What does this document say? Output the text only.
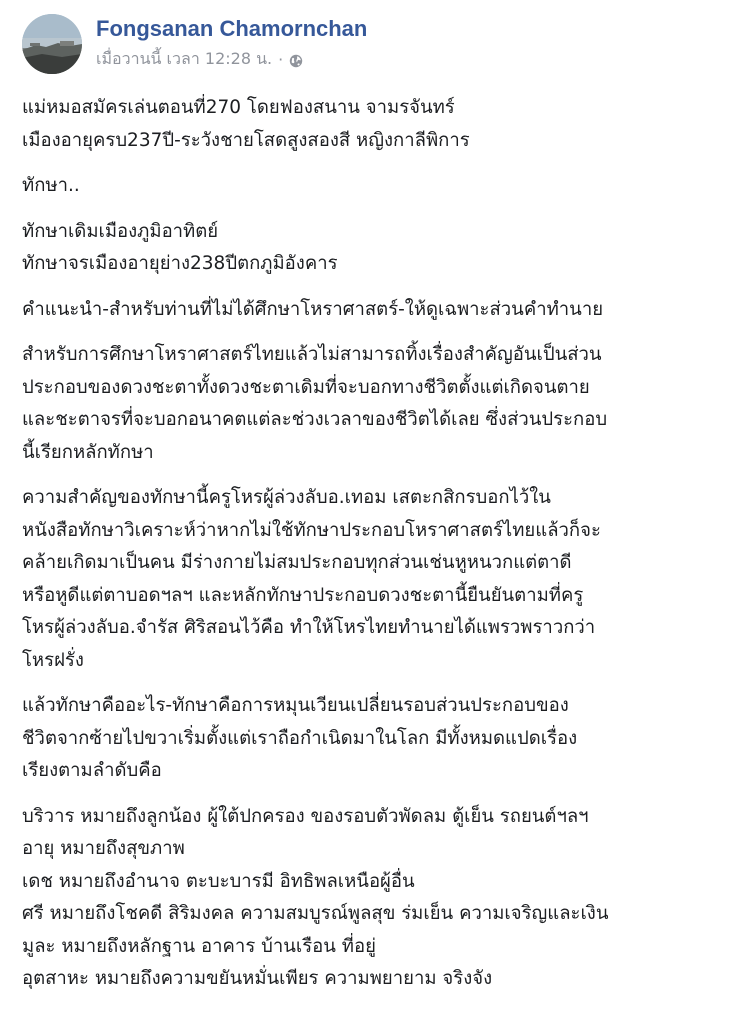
Fongsanan Chamornchan
เมื่อวานนี้ เวลา 12:28 น. ·
แม่หมอสมัครเล่นตอนที่270 โดยฟองสนาน จามรจันทร์
เมืองอายุครบ237ปี-ระวังชายโสดสูงสองสี หญิงกาลีพิการ
ทักษา..
ทักษาเดิมเมืองภูมิอาทิตย์
ทักษาจรเมืองอายุย่าง238ปีตกภูมิอังคาร
คำแนะนำ-สำหรับท่านที่ไม่ได้ศึกษาโหราศาสตร์-ให้ดูเฉพาะส่วนคำทำนาย
สำหรับการศึกษาโหราศาสตร์ไทยแล้วไม่สามารถทิ้งเรื่องสำคัญอันเป็นส่วน
ประกอบของดวงชะตาทั้งดวงชะตาเดิมที่จะบอกทางชีวิตตั้งแต่เกิดจนตาย
และชะตาจรที่จะบอกอนาคตแต่ละช่วงเวลาของชีวิตได้เลย ซึ่งส่วนประกอบ
นี้เรียกหลักทักษา
ความสำคัญของทักษานี้ครูโหรผู้ล่วงลับอ.เทอม เสตะกสิกรบอกไว้ใน
หนังสือทักษาวิเคราะห์ว่าหากไม่ใช้ทักษาประกอบโหราศาสตร์ไทยแล้วก็จะ
คล้ายเกิดมาเป็นคน มีร่างกายไม่สมประกอบทุกส่วนเช่นหูหนวกแต่ตาดี
หรือหูดีแต่ตาบอดฯลฯ และหลักทักษาประกอบดวงชะตานี้ยืนยันตามที่ครู
โหรผู้ล่วงลับอ.จำรัส ศิริสอนไว้คือ ทำให้โหรไทยทำนายได้แพรวพราวกว่า
โหรฝรั่ง
แล้วทักษาคืออะไร-ทักษาคือการหมุนเวียนเปลี่ยนรอบส่วนประกอบของ
ชีวิตจากซ้ายไปขวาเริ่มตั้งแต่เราถือกำเนิดมาในโลก มีทั้งหมดแปดเรื่อง
เรียงตามลำดับคือ
บริวาร หมายถึงลูกน้อง ผู้ใต้ปกครอง ของรอบตัวพัดลม ตู้เย็น รถยนต์ฯลฯ
อายุ หมายถึงสุขภาพ
เดช หมายถึงอำนาจ ตะบะบารมี อิทธิพลเหนือผู้อื่น
ศรี หมายถึงโชคดี สิริมงคล ความสมบูรณ์พูลสุข ร่มเย็น ความเจริญและเงิน
มูละ หมายถึงหลักฐาน อาคาร บ้านเรือน ที่อยู่
อุตสาหะ หมายถึงความขยันหมั่นเพียร ความพยายาม จริงจัง
